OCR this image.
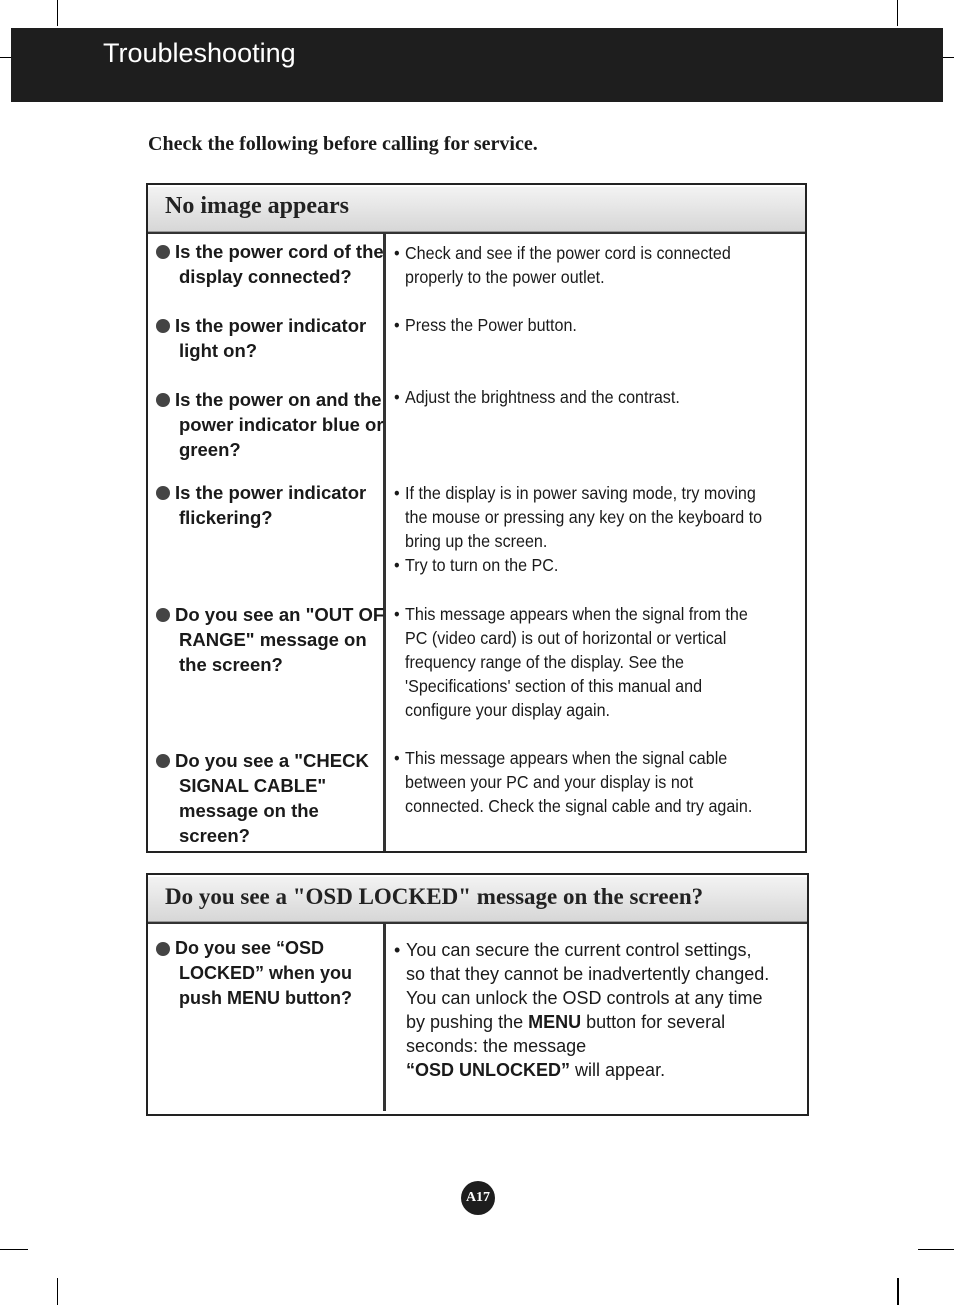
Troubleshooting
Check the following before calling for service.
No image appears
Is the power cord of the
display connected?
Is the power indicator
light on?
Is the power on and the
power indicator blue or
green?
Is the power indicator
flickering?
Do you see an "OUT OF
RANGE" message on
the screen?
Do you see a "CHECK
SIGNAL CABLE"
message on the
screen?
• Check and see if the power cord is connected
properly to the power outlet.
• Press the Power button.
• Adjust the brightness and the contrast.
• If the display is in power saving mode, try moving
the mouse or pressing any key on the keyboard to
bring up the screen.
• Try to turn on the PC.
• This message appears when the signal from the
PC (video card) is out of horizontal or vertical
frequency range of the display. See the
'Specifications' section of this manual and
configure your display again.
• This message appears when the signal cable
between your PC and your display is not
connected. Check the signal cable and try again.
Do you see a "OSD LOCKED" message on the screen?
Do you see “OSD
LOCKED” when you
push MENU button?
• You can secure the current control settings,
so that they cannot be inadvertently changed.
You can unlock the OSD controls at any time
by pushing the MENU button for several
seconds: the message
“OSD UNLOCKED” will appear.
A17
